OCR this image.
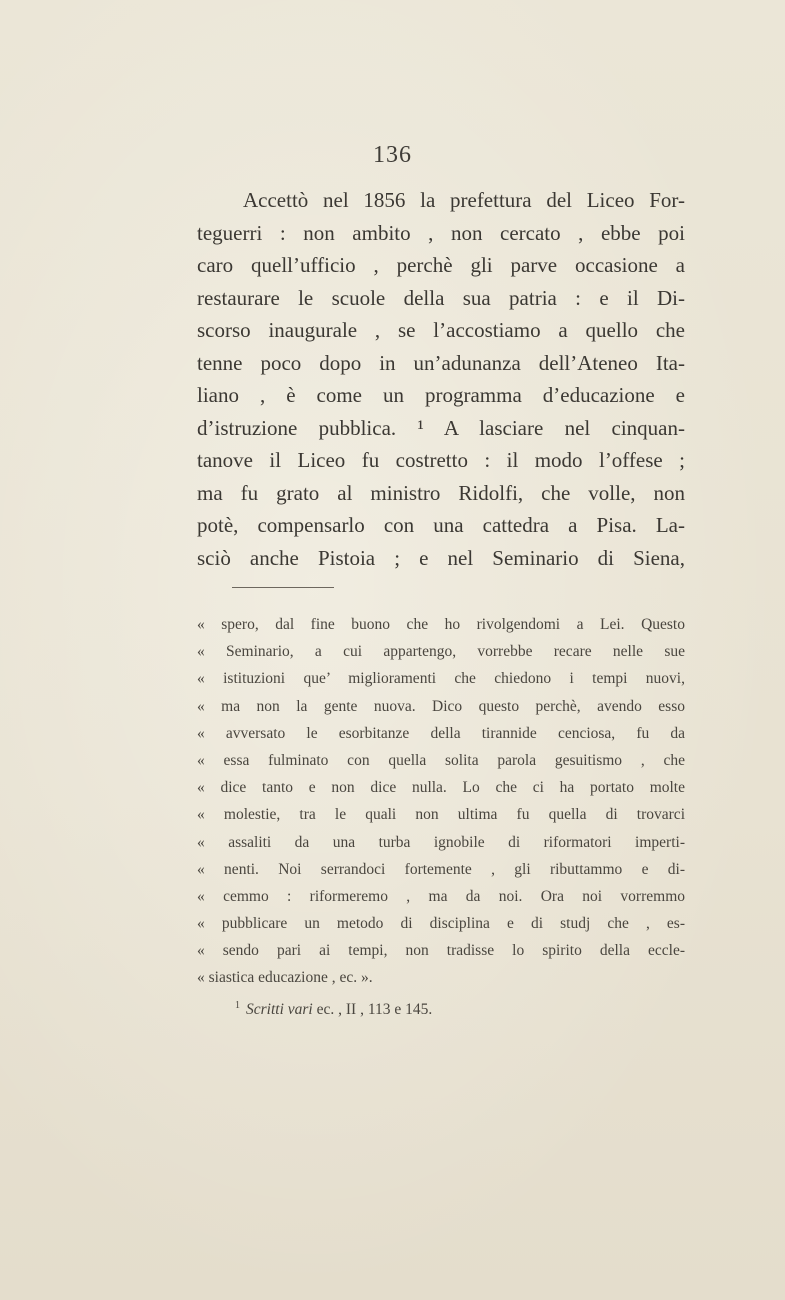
136
Accettò nel 1856 la prefettura del Liceo For-
teguerri : non ambito , non cercato , ebbe poi
caro quell’ufficio , perchè gli parve occasione a
restaurare le scuole della sua patria : e il Di-
scorso inaugurale , se l’accostiamo a quello che
tenne poco dopo in un’adunanza dell’Ateneo Ita-
liano , è come un programma d’educazione e
d’istruzione pubblica. ¹ A lasciare nel cinquan-
tanove il Liceo fu costretto : il modo l’offese ;
ma fu grato al ministro Ridolfi, che volle, non
potè, compensarlo con una cattedra a Pisa. La-
sciò anche Pistoia ; e nel Seminario di Siena,
« spero, dal fine buono che ho rivolgendomi a Lei. Questo
« Seminario, a cui appartengo, vorrebbe recare nelle sue
« istituzioni que’ miglioramenti che chiedono i tempi nuovi,
« ma non la gente nuova. Dico questo perchè, avendo esso
« avversato le esorbitanze della tirannide cenciosa, fu da
« essa fulminato con quella solita parola gesuitismo , che
« dice tanto e non dice nulla. Lo che ci ha portato molte
« molestie, tra le quali non ultima fu quella di trovarci
« assaliti da una turba ignobile di riformatori imperti-
« nenti. Noi serrandoci fortemente , gli ributtammo e di-
« cemmo : riformeremo , ma da noi. Ora noi vorremmo
« pubblicare un metodo di disciplina e di studj che , es-
« sendo pari ai tempi, non tradisse lo spirito della eccle-
« siastica educazione , ec. ».
$^1$ Scritti vari ec. , II , 113 e 145.
